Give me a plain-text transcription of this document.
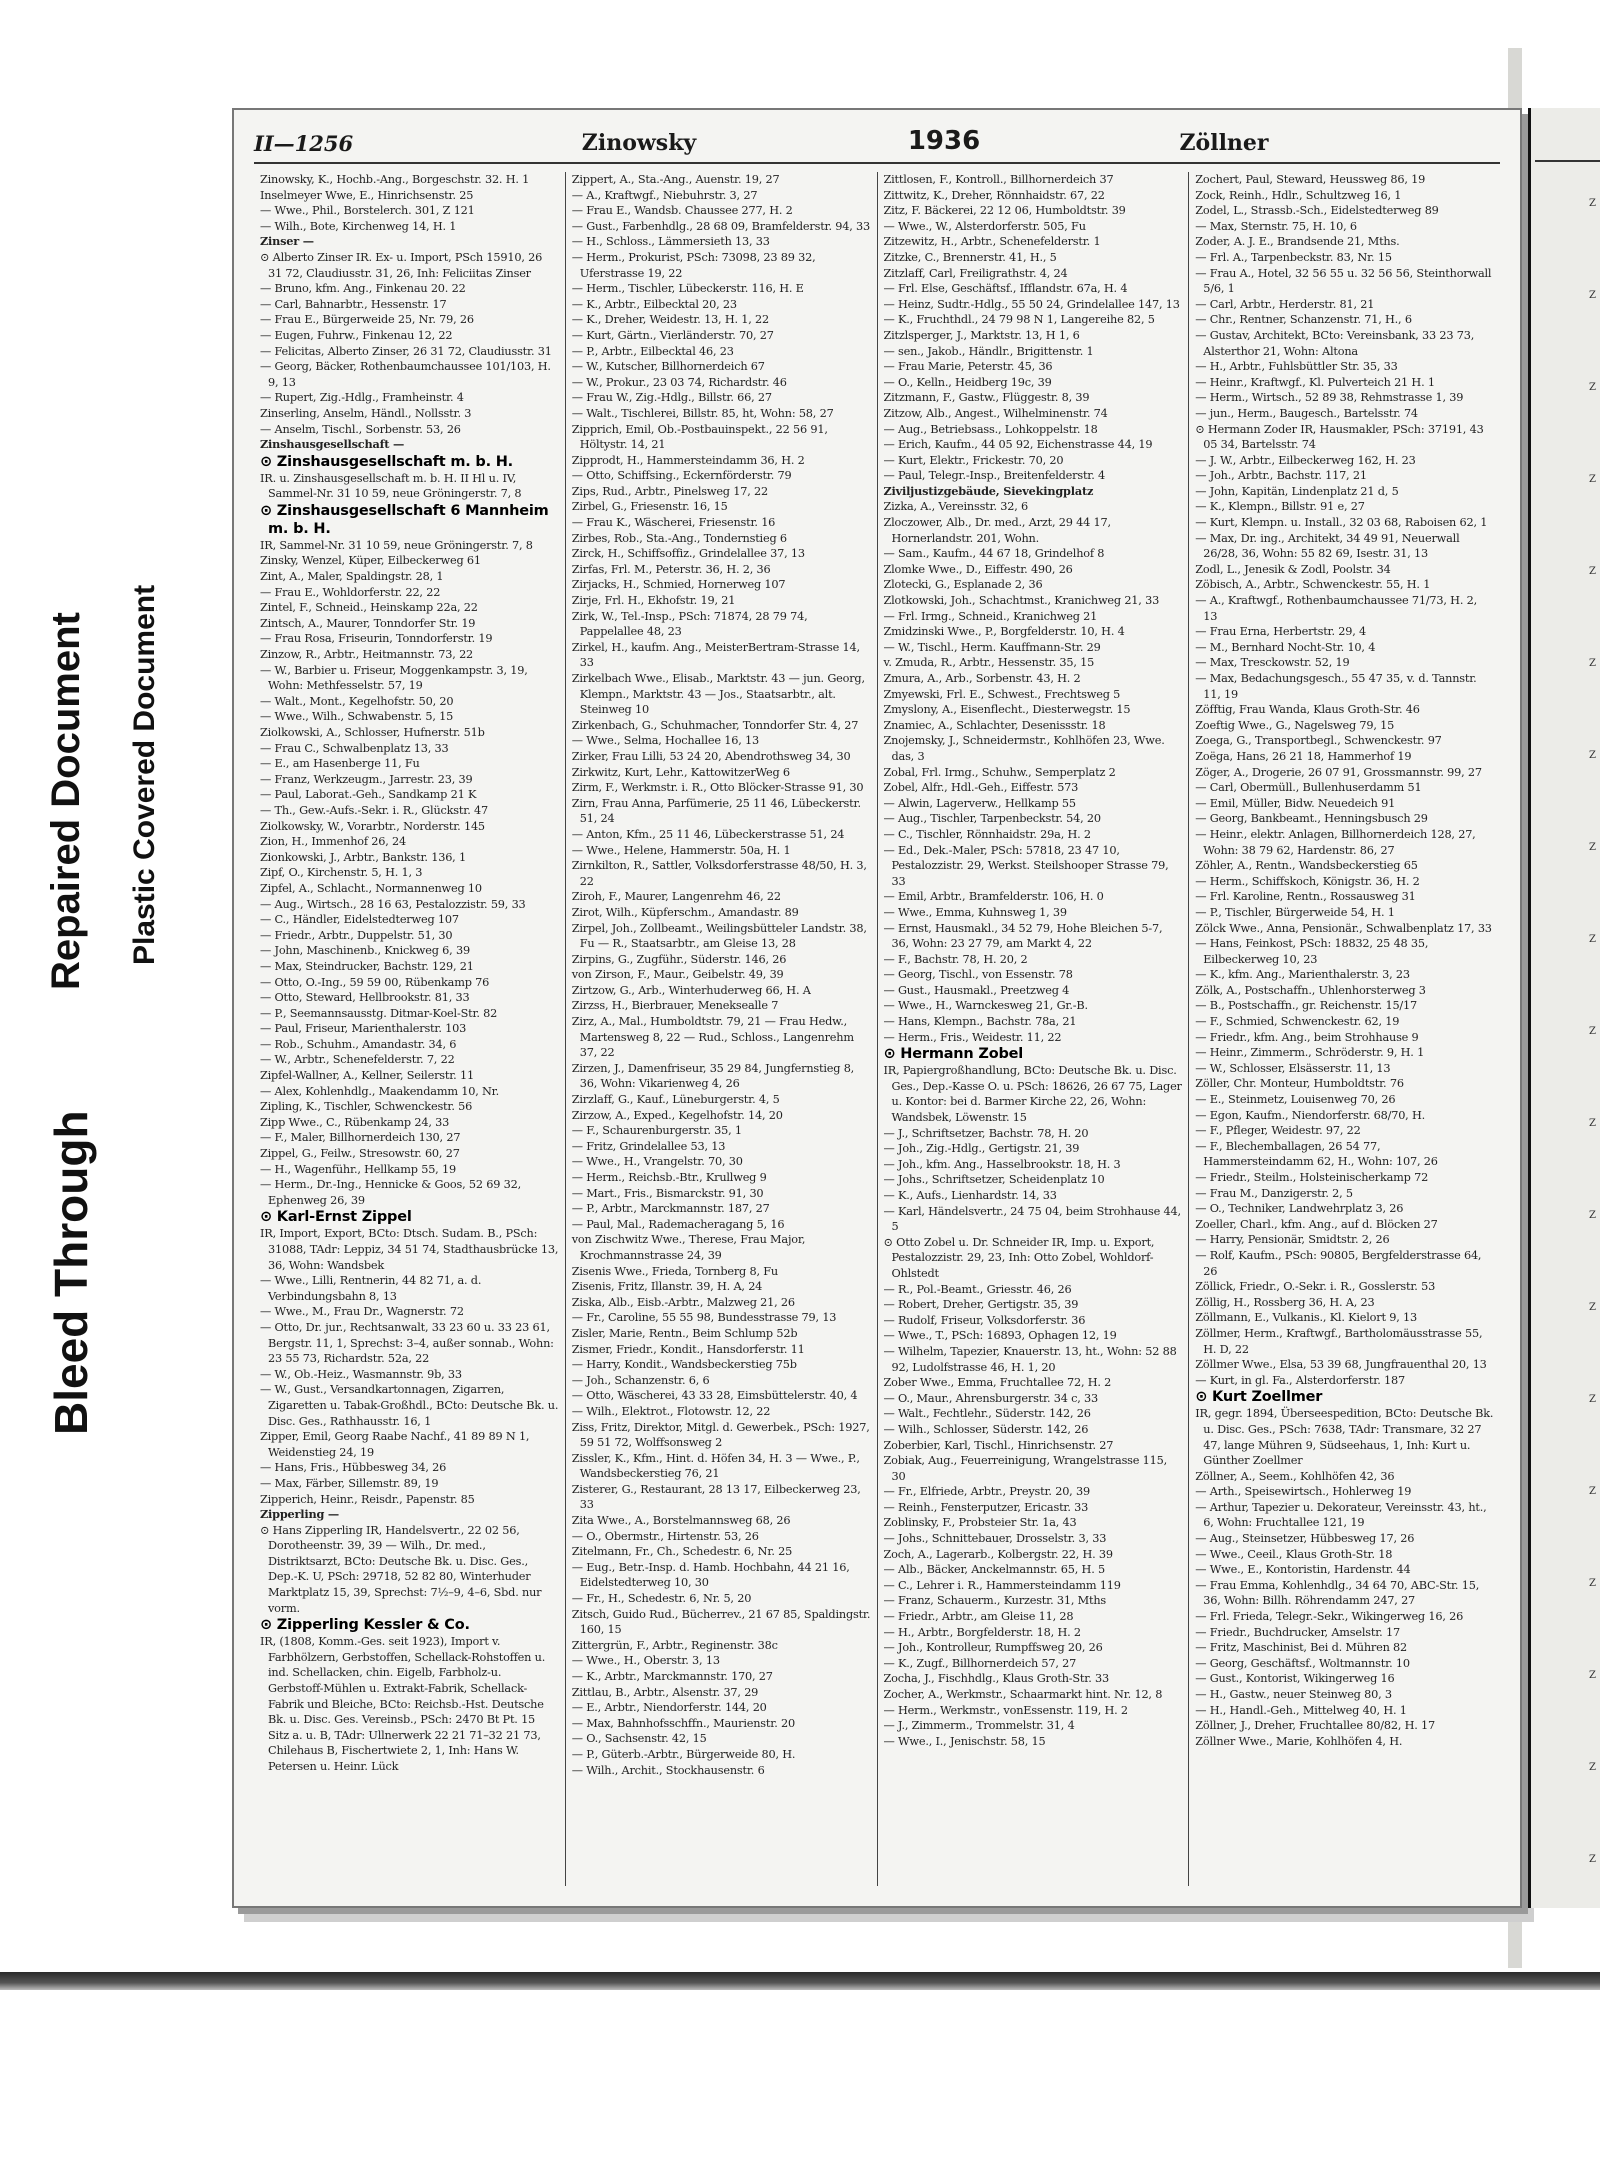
Bleed Through
Repaired Document Plastic Covered Document
II—1256	Zinowsky	1936	Zöllner
Zinowsky, K., Hochb.-Ang., Borgeschstr. 32. H. 1
Inselmeyer Wwe, E., Hinrichsenstr. 25
— Wwe., Phil., Borstelerch. 301, Z 121
— Wilh., Bote, Kirchenweg 14, H. 1
Zinser —
⊙ Alberto Zinser IR. Ex- u. Import, PSch 15910, 26 31 72, Claudiusstr. 31, 26, Inh: Feliciitas Zinser
— Bruno, kfm. Ang., Finkenau 20. 22
— Carl, Bahnarbtr., Hessenstr. 17
— Frau E., Bürgerweide 25, Nr. 79, 26
— Eugen, Fuhrw., Finkenau 12, 22
— Felicitas, Alberto Zinser, 26 31 72, Claudiusstr. 31
— Georg, Bäcker, Rothenbaumchaussee 101/103, H. 9, 13
— Rupert, Zig.-Hdlg., Framheinstr. 4
Zinserling, Anselm, Händl., Nollsstr. 3
— Anselm, Tischl., Sorbenstr. 53, 26
Zinshausgesellschaft —
⊙ Zinshausgesellschaft m. b. H.
IR. u. Zinshausgesellschaft m. b. H. II Hl u. IV, Sammel-Nr. 31 10 59, neue Gröningerstr. 7, 8
⊙ Zinshausgesellschaft 6 Mannheim m. b. H.
IR, Sammel-Nr. 31 10 59, neue Gröningerstr. 7, 8
Zinsky, Wenzel, Küper, Eilbeckerweg 61
Zint, A., Maler, Spaldingstr. 28, 1
— Frau E., Wohldorferstr. 22, 22
Zintel, F., Schneid., Heinskamp 22a, 22
Zintsch, A., Maurer, Tonndorfer Str. 19
— Frau Rosa, Friseurin, Tonndorferstr. 19
Zinzow, R., Arbtr., Heitmannstr. 73, 22
— W., Barbier u. Friseur, Moggenkampstr. 3, 19, Wohn: Methfesselstr. 57, 19
— Walt., Mont., Kegelhofstr. 50, 20
— Wwe., Wilh., Schwabenstr. 5, 15
Ziolkowski, A., Schlosser, Hufnerstr. 51b
— Frau C., Schwalbenplatz 13, 33
— E., am Hasenberge 11, Fu
— Franz, Werkzeugm., Jarrestr. 23, 39
— Paul, Laborat.-Geh., Sandkamp 21 K
— Th., Gew.-Aufs.-Sekr. i. R., Glückstr. 47
Ziolkowsky, W., Vorarbtr., Norderstr. 145
Zion, H., Immenhof 26, 24
Zionkowski, J., Arbtr., Bankstr. 136, 1
Zipf, O., Kirchenstr. 5, H. 1, 3
Zipfel, A., Schlacht., Normannenweg 10
— Aug., Wirtsch., 28 16 63, Pestalozzistr. 59, 33
— C., Händler, Eidelstedterweg 107
— Friedr., Arbtr., Duppelstr. 51, 30
— John, Maschinenb., Knickweg 6, 39
— Max, Steindrucker, Bachstr. 129, 21
— Otto, O.-Ing., 59 59 00, Rübenkamp 76
— Otto, Steward, Hellbrookstr. 81, 33
— P., Seemannsausstg. Ditmar-Koel-Str. 82
— Paul, Friseur, Marienthalerstr. 103
— Rob., Schuhm., Amandastr. 34, 6
— W., Arbtr., Schenefelderstr. 7, 22
Zipfel-Wallner, A., Kellner, Seilerstr. 11
— Alex, Kohlenhdlg., Maakendamm 10, Nr.
Zipling, K., Tischler, Schwenckestr. 56
Zipp Wwe., C., Rübenkamp 24, 33
— F., Maler, Billhornerdeich 130, 27
Zippel, G., Feilw., Stresowstr. 60, 27
— H., Wagenführ., Hellkamp 55, 19
— Herm., Dr.-Ing., Hennicke & Goos, 52 69 32, Ephenweg 26, 39
⊙ Karl-Ernst Zippel
IR, Import, Export, BCto: Dtsch. Sudam. B., PSch: 31088, TAdr: Leppiz, 34 51 74, Stadthausbrücke 13, 36, Wohn: Wandsbek
— Wwe., Lilli, Rentnerin, 44 82 71, a. d. Verbindungsbahn 8, 13
— Wwe., M., Frau Dr., Wagnerstr. 72
— Otto, Dr. jur., Rechtsanwalt, 33 23 60 u. 33 23 61, Bergstr. 11, 1, Sprechst: 3–4, außer sonnab., Wohn: 23 55 73, Richardstr. 52a, 22
— W., Ob.-Heiz., Wasmannstr. 9b, 33
— W., Gust., Versandkartonnagen, Zigarren, Zigaretten u. Tabak-Großhdl., BCto: Deutsche Bk. u. Disc. Ges., Rathhausstr. 16, 1
Zipper, Emil, Georg Raabe Nachf., 41 89 89 N 1, Weidenstieg 24, 19
— Hans, Fris., Hübbesweg 34, 26
— Max, Färber, Sillemstr. 89, 19
Zipperich, Heinr., Reisdr., Papenstr. 85
Zipperling —
⊙ Hans Zipperling IR, Handelsvertr., 22 02 56, Dorotheenstr. 39, 39 — Wilh., Dr. med., Distriktsarzt, BCto: Deutsche Bk. u. Disc. Ges., Dep.-K. U, PSch: 29718, 52 82 80, Winterhuder Marktplatz 15, 39, Sprechst: 7½–9, 4–6, Sbd. nur vorm.
⊙ Zipperling Kessler & Co.
IR, (1808, Komm.-Ges. seit 1923), Import v. Farbhölzern, Gerbstoffen, Schellack-Rohstoffen u. ind. Schellacken, chin. Eigelb, Farbholz-u. Gerbstoff-Mühlen u. Extrakt-Fabrik, Schellack-Fabrik und Bleiche, BCto: Reichsb.-Hst. Deutsche Bk. u. Disc. Ges. Vereinsb., PSch: 2470 Bt Pt. 15 Sitz a. u. B, TAdr: Ullnerwerk 22 21 71–32 21 73, Chilehaus B, Fischertwiete 2, 1, Inh: Hans W. Petersen u. Heinr. Lück
Zippert, A., Sta.-Ang., Auenstr. 19, 27
— A., Kraftwgf., Niebuhrstr. 3, 27
— Frau E., Wandsb. Chaussee 277, H. 2
— Gust., Farbenhdlg., 28 68 09, Bramfelderstr. 94, 33
— H., Schloss., Lämmersieth 13, 33
— Herm., Prokurist, PSch: 73098, 23 89 32, Uferstrasse 19, 22
— Herm., Tischler, Lübeckerstr. 116, H. E
— K., Arbtr., Eilbecktal 20, 23
— K., Dreher, Weidestr. 13, H. 1, 22
— Kurt, Gärtn., Vierländerstr. 70, 27
— P., Arbtr., Eilbecktal 46, 23
— W., Kutscher, Billhornerdeich 67
— W., Prokur., 23 03 74, Richardstr. 46
— Frau W., Zig.-Hdlg., Billstr. 66, 27
— Walt., Tischlerei, Billstr. 85, ht, Wohn: 58, 27
Zipprich, Emil, Ob.-Postbauinspekt., 22 56 91, Höltystr. 14, 21
Zipprodt, H., Hammersteindamm 36, H. 2
— Otto, Schiffsing., Eckernförderstr. 79
Zips, Rud., Arbtr., Pinelsweg 17, 22
Zirbel, G., Friesenstr. 16, 15
— Frau K., Wäscherei, Friesenstr. 16
Zirbes, Rob., Sta.-Ang., Tondernstieg 6
Zirck, H., Schiffsoffiz., Grindelallee 37, 13
Zirfas, Frl. M., Peterstr. 36, H. 2, 36
Zirjacks, H., Schmied, Hornerweg 107
Zirje, Frl. H., Ekhofstr. 19, 21
Zirk, W., Tel.-Insp., PSch: 71874, 28 79 74, Pappelallee 48, 23
Zirkel, H., kaufm. Ang., MeisterBertram-Strasse 14, 33
Zirkelbach Wwe., Elisab., Marktstr. 43 — jun. Georg, Klempn., Marktstr. 43 — Jos., Staatsarbtr., alt. Steinweg 10
Zirkenbach, G., Schuhmacher, Tonndorfer Str. 4, 27
— Wwe., Selma, Hochallee 16, 13
Zirker, Frau Lilli, 53 24 20, Abendrothsweg 34, 30
Zirkwitz, Kurt, Lehr., KattowitzerWeg 6
Zirm, F., Werkmstr. i. R., Otto Blöcker-Strasse 91, 30
Zirn, Frau Anna, Parfümerie, 25 11 46, Lübeckerstr. 51, 24
— Anton, Kfm., 25 11 46, Lübeckerstrasse 51, 24
— Wwe., Helene, Hammerstr. 50a, H. 1
Zirnkilton, R., Sattler, Volksdorferstrasse 48/50, H. 3, 22
Ziroh, F., Maurer, Langenrehm 46, 22
Zirot, Wilh., Küpferschm., Amandastr. 89
Zirpel, Joh., Zollbeamt., Weilingsbütteler Landstr. 38, Fu — R., Staatsarbtr., am Gleise 13, 28
Zirpins, G., Zugführ., Süderstr. 146, 26
von Zirson, F., Maur., Geibelstr. 49, 39
Zirtzow, G., Arb., Winterhuderweg 66, H. A
Zirzss, H., Bierbrauer, Meneksealle 7
Zirz, A., Mal., Humboldtstr. 79, 21 — Frau Hedw., Martensweg 8, 22 — Rud., Schloss., Langenrehm 37, 22
Zirzen, J., Damenfriseur, 35 29 84, Jungfernstieg 8, 36, Wohn: Vikarienweg 4, 26
Zirzlaff, G., Kauf., Lüneburgerstr. 4, 5
Zirzow, A., Exped., Kegelhofstr. 14, 20
— F., Schaurenburgerstr. 35, 1
— Fritz, Grindelallee 53, 13
— Wwe., H., Vrangelstr. 70, 30
— Herm., Reichsb.-Btr., Krullweg 9
— Mart., Fris., Bismarckstr. 91, 30
— P., Arbtr., Marckmannstr. 187, 27
— Paul, Mal., Rademacheragang 5, 16
von Zischwitz Wwe., Therese, Frau Major, Krochmannstrasse 24, 39
Zisenis Wwe., Frieda, Tornberg 8, Fu
Zisenis, Fritz, Illanstr. 39, H. A, 24
Ziska, Alb., Eisb.-Arbtr., Malzweg 21, 26
— Fr., Caroline, 55 55 98, Bundesstrasse 79, 13
Zisler, Marie, Rentn., Beim Schlump 52b
Zismer, Friedr., Kondit., Hansdorferstr. 11
— Harry, Kondit., Wandsbeckerstieg 75b
— Joh., Schanzenstr. 6, 6
— Otto, Wäscherei, 43 33 28, Eimsbüttelerstr. 40, 4
— Wilh., Elektrot., Flotowstr. 12, 22
Ziss, Fritz, Direktor, Mitgl. d. Gewerbek., PSch: 1927, 59 51 72, Wolffsonsweg 2
Zissler, K., Kfm., Hint. d. Höfen 34, H. 3 — Wwe., P., Wandsbeckerstieg 76, 21
Zisterer, G., Restaurant, 28 13 17, Eilbeckerweg 23, 33
Zita Wwe., A., Borstelmannsweg 68, 26
— O., Obermstr., Hirtenstr. 53, 26
Zitelmann, Fr., Ch., Schedestr. 6, Nr. 25
— Eug., Betr.-Insp. d. Hamb. Hochbahn, 44 21 16, Eidelstedterweg 10, 30
— Fr., H., Schedestr. 6, Nr. 5, 20
Zitsch, Guido Rud., Bücherrev., 21 67 85, Spaldingstr. 160, 15
Zittergrün, F., Arbtr., Reginenstr. 38c
— Wwe., H., Oberstr. 3, 13
— K., Arbtr., Marckmannstr. 170, 27
Zittlau, B., Arbtr., Alsenstr. 37, 29
— E., Arbtr., Niendorferstr. 144, 20
— Max, Bahnhofsschffn., Maurienstr. 20
— O., Sachsenstr. 42, 15
— P., Güterb.-Arbtr., Bürgerweide 80, H.
— Wilh., Archit., Stockhausenstr. 6
Zittlosen, F., Kontroll., Billhornerdeich 37
Zittwitz, K., Dreher, Rönnhaidstr. 67, 22
Zitz, F. Bäckerei, 22 12 06, Humboldtstr. 39
— Wwe., W., Alsterdorferstr. 505, Fu
Zitzewitz, H., Arbtr., Schenefelderstr. 1
Zitzke, C., Brennerstr. 41, H., 5
Zitzlaff, Carl, Freiligrathstr. 4, 24
— Frl. Else, Geschäftsf., Ifflandstr. 67a, H. 4
— Heinz, Sudtr.-Hdlg., 55 50 24, Grindelallee 147, 13
— K., Fruchthdl., 24 79 98 N 1, Langereihe 82, 5
Zitzlsperger, J., Marktstr. 13, H 1, 6
— sen., Jakob., Händlr., Brigittenstr. 1
— Frau Marie, Peterstr. 45, 36
— O., Kelln., Heidberg 19c, 39
Zitzmann, F., Gastw., Flüggestr. 8, 39
Zitzow, Alb., Angest., Wilhelminenstr. 74
— Aug., Betriebsass., Lohkoppelstr. 18
— Erich, Kaufm., 44 05 92, Eichenstrasse 44, 19
— Kurt, Elektr., Frickestr. 70, 20
— Paul, Telegr.-Insp., Breitenfelderstr. 4
Ziviljustizgebäude, Sievekingplatz
Zizka, A., Vereinsstr. 32, 6
Zloczower, Alb., Dr. med., Arzt, 29 44 17, Hornerlandstr. 201, Wohn.
— Sam., Kaufm., 44 67 18, Grindelhof 8
Zlomke Wwe., D., Eiffestr. 490, 26
Zlotecki, G., Esplanade 2, 36
Zlotkowski, Joh., Schachtmst., Kranichweg 21, 33
— Frl. Irmg., Schneid., Kranichweg 21
Zmidzinski Wwe., P., Borgfelderstr. 10, H. 4
— W., Tischl., Herm. Kauffmann-Str. 29
v. Zmuda, R., Arbtr., Hessenstr. 35, 15
Zmura, A., Arb., Sorbenstr. 43, H. 2
Zmyewski, Frl. E., Schwest., Frechtsweg 5
Zmyslony, A., Eisenflecht., Diesterwegstr. 15
Znamiec, A., Schlachter, Desenissstr. 18
Znojemsky, J., Schneidermstr., Kohlhöfen 23, Wwe. das, 3
Zobal, Frl. Irmg., Schuhw., Semperplatz 2
Zobel, Alfr., Hdl.-Geh., Eiffestr. 573
— Alwin, Lagerverw., Hellkamp 55
— Aug., Tischler, Tarpenbeckstr. 54, 20
— C., Tischler, Rönnhaidstr. 29a, H. 2
— Ed., Dek.-Maler, PSch: 57818, 23 47 10, Pestalozzistr. 29, Werkst. Steilshooper Strasse 79, 33
— Emil, Arbtr., Bramfelderstr. 106, H. 0
— Wwe., Emma, Kuhnsweg 1, 39
— Ernst, Hausmakl., 34 52 79, Hohe Bleichen 5-7, 36, Wohn: 23 27 79, am Markt 4, 22
— F., Bachstr. 78, H. 20, 2
— Georg, Tischl., von Essenstr. 78
— Gust., Hausmakl., Preetzweg 4
— Wwe., H., Warnckesweg 21, Gr.-B.
— Hans, Klempn., Bachstr. 78a, 21
— Herm., Fris., Weidestr. 11, 22
⊙ Hermann Zobel
IR, Papiergroßhandlung, BCto: Deutsche Bk. u. Disc. Ges., Dep.-Kasse O. u. PSch: 18626, 26 67 75, Lager u. Kontor: bei d. Barmer Kirche 22, 26, Wohn: Wandsbek, Löwenstr. 15
— J., Schriftsetzer, Bachstr. 78, H. 20
— Joh., Zig.-Hdlg., Gertigstr. 21, 39
— Joh., kfm. Ang., Hasselbrookstr. 18, H. 3
— Johs., Schriftsetzer, Scheidenplatz 10
— K., Aufs., Lienhardstr. 14, 33
— Karl, Händelsvertr., 24 75 04, beim Strohhause 44, 5
⊙ Otto Zobel u. Dr. Schneider IR, Imp. u. Export, Pestalozzistr. 29, 23, Inh: Otto Zobel, Wohldorf-Ohlstedt
— R., Pol.-Beamt., Griesstr. 46, 26
— Robert, Dreher, Gertigstr. 35, 39
— Rudolf, Friseur, Volksdorferstr. 36
— Wwe., T., PSch: 16893, Ophagen 12, 19
— Wilhelm, Tapezier, Knauerstr. 13, ht., Wohn: 52 88 92, Ludolfstrasse 46, H. 1, 20
Zober Wwe., Emma, Fruchtallee 72, H. 2
— O., Maur., Ahrensburgerstr. 34 c, 33
— Walt., Fechtlehr., Süderstr. 142, 26
— Wilh., Schlosser, Süderstr. 142, 26
Zoberbier, Karl, Tischl., Hinrichsenstr. 27
Zobiak, Aug., Feuerreinigung, Wrangelstrasse 115, 30
— Fr., Elfriede, Arbtr., Preystr. 20, 39
— Reinh., Fensterputzer, Ericastr. 33
Zoblinsky, F., Probsteier Str. 1a, 43
— Johs., Schnittebauer, Drosselstr. 3, 33
Zoch, A., Lagerarb., Kolbergstr. 22, H. 39
— Alb., Bäcker, Anckelmannstr. 65, H. 5
— C., Lehrer i. R., Hammersteindamm 119
— Franz, Schauerm., Kurzestr. 31, Mths
— Friedr., Arbtr., am Gleise 11, 28
— H., Arbtr., Borgfelderstr. 18, H. 2
— Joh., Kontrolleur, Rumpffsweg 20, 26
— K., Zugf., Billhornerdeich 57, 27
Zocha, J., Fischhdlg., Klaus Groth-Str. 33
Zocher, A., Werkmstr., Schaarmarkt hint. Nr. 12, 8
— Herm., Werkmstr., vonEssenstr. 119, H. 2
— J., Zimmerm., Trommelstr. 31, 4
— Wwe., I., Jenischstr. 58, 15
Zochert, Paul, Steward, Heussweg 86, 19
Zock, Reinh., Hdlr., Schultzweg 16, 1
Zodel, L., Strassb.-Sch., Eidelstedterweg 89
— Max, Sternstr. 75, H. 10, 6
Zoder, A. J. E., Brandsende 21, Mths.
— Frl. A., Tarpenbeckstr. 83, Nr. 15
— Frau A., Hotel, 32 56 55 u. 32 56 56, Steinthorwall 5/6, 1
— Carl, Arbtr., Herderstr. 81, 21
— Chr., Rentner, Schanzenstr. 71, H., 6
— Gustav, Architekt, BCto: Vereinsbank, 33 23 73, Alsterthor 21, Wohn: Altona
— H., Arbtr., Fuhlsbüttler Str. 35, 33
— Heinr., Kraftwgf., Kl. Pulverteich 21 H. 1
— Herm., Wirtsch., 52 89 38, Rehmstrasse 1, 39
— jun., Herm., Baugesch., Bartelsstr. 74
⊙ Hermann Zoder IR, Hausmakler, PSch: 37191, 43 05 34, Bartelsstr. 74
— J. W., Arbtr., Eilbeckerweg 162, H. 23
— Joh., Arbtr., Bachstr. 117, 21
— John, Kapitän, Lindenplatz 21 d, 5
— K., Klempn., Billstr. 91 e, 27
— Kurt, Klempn. u. Install., 32 03 68, Raboisen 62, 1
— Max, Dr. ing., Architekt, 34 49 91, Neuerwall 26/28, 36, Wohn: 55 82 69, Isestr. 31, 13
Zodl, L., Jenesik & Zodl, Poolstr. 34
Zöbisch, A., Arbtr., Schwenckestr. 55, H. 1
— A., Kraftwgf., Rothenbaumchaussee 71/73, H. 2, 13
— Frau Erna, Herbertstr. 29, 4
— M., Bernhard Nocht-Str. 10, 4
— Max, Tresckowstr. 52, 19
— Max, Bedachungsgesch., 55 47 35, v. d. Tannstr. 11, 19
Zöfftig, Frau Wanda, Klaus Groth-Str. 46
Zoeftig Wwe., G., Nagelsweg 79, 15
Zoega, G., Transportbegl., Schwenckestr. 97
Zoëga, Hans, 26 21 18, Hammerhof 19
Zöger, A., Drogerie, 26 07 91, Grossmannstr. 99, 27
— Carl, Obermüll., Bullenhuserdamm 51
— Emil, Müller, Bidw. Neuedeich 91
— Georg, Bankbeamt., Henningsbusch 29
— Heinr., elektr. Anlagen, Billhornerdeich 128, 27, Wohn: 38 79 62, Hardenstr. 86, 27
Zöhler, A., Rentn., Wandsbeckerstieg 65
— Herm., Schiffskoch, Königstr. 36, H. 2
— Frl. Karoline, Rentn., Rossausweg 31
— P., Tischler, Bürgerweide 54, H. 1
Zölck Wwe., Anna, Pensionär., Schwalbenplatz 17, 33
— Hans, Feinkost, PSch: 18832, 25 48 35, Eilbeckerweg 10, 23
— K., kfm. Ang., Marienthalerstr. 3, 23
Zölk, A., Postschaffn., Uhlenhorsterweg 3
— B., Postschaffn., gr. Reichenstr. 15/17
— F., Schmied, Schwenckestr. 62, 19
— Friedr., kfm. Ang., beim Strohhause 9
— Heinr., Zimmerm., Schröderstr. 9, H. 1
— W., Schlosser, Elsässerstr. 11, 13
Zöller, Chr. Monteur, Humboldtstr. 76
— E., Steinmetz, Louisenweg 70, 26
— Egon, Kaufm., Niendorferstr. 68/70, H.
— F., Pfleger, Weidestr. 97, 22
— F., Blechemballagen, 26 54 77, Hammersteindamm 62, H., Wohn: 107, 26
— Friedr., Steilm., Holsteinischerkamp 72
— Frau M., Danzigerstr. 2, 5
— O., Techniker, Landwehrplatz 3, 26
Zoeller, Charl., kfm. Ang., auf d. Blöcken 27
— Harry, Pensionär, Smidtstr. 2, 26
— Rolf, Kaufm., PSch: 90805, Bergfelderstrasse 64, 26
Zöllick, Friedr., O.-Sekr. i. R., Gosslerstr. 53
Zöllig, H., Rossberg 36, H. A, 23
Zöllmann, E., Vulkanis., Kl. Kielort 9, 13
Zöllmer, Herm., Kraftwgf., Bartholomäusstrasse 55, H. D, 22
Zöllmer Wwe., Elsa, 53 39 68, Jungfrauenthal 20, 13
— Kurt, in gl. Fa., Alsterdorferstr. 187
⊙ Kurt Zoellmer
IR, gegr. 1894, Überseespedition, BCto: Deutsche Bk. u. Disc. Ges., PSch: 7638, TAdr: Transmare, 32 27 47, lange Mühren 9, Südseehaus, 1, Inh: Kurt u. Günther Zoellmer
Zöllner, A., Seem., Kohlhöfen 42, 36
— Arth., Speisewirtsch., Hohlerweg 19
— Arthur, Tapezier u. Dekorateur, Vereinsstr. 43, ht., 6, Wohn: Fruchtallee 121, 19
— Aug., Steinsetzer, Hübbesweg 17, 26
— Wwe., Ceeil., Klaus Groth-Str. 18
— Wwe., E., Kontoristin, Hardenstr. 44
— Frau Emma, Kohlenhdlg., 34 64 70, ABC-Str. 15, 36, Wohn: Billh. Röhrendamm 247, 27
— Frl. Frieda, Telegr.-Sekr., Wikingerweg 16, 26
— Friedr., Buchdrucker, Amselstr. 17
— Fritz, Maschinist, Bei d. Mühren 82
— Georg, Geschäftsf., Woltmannstr. 10
— Gust., Kontorist, Wikingerweg 16
— H., Gastw., neuer Steinweg 80, 3
— H., Handl.-Geh., Mittelweg 40, H. 1
Zöllner, J., Dreher, Fruchtallee 80/82, H. 17
Zöllner Wwe., Marie, Kohlhöfen 4, H.
Z
Z
Z
Z
Z
Z
Z
Z
Z
Z
Z
Z
Z
Z
Z
Z
Z
Z
Z
